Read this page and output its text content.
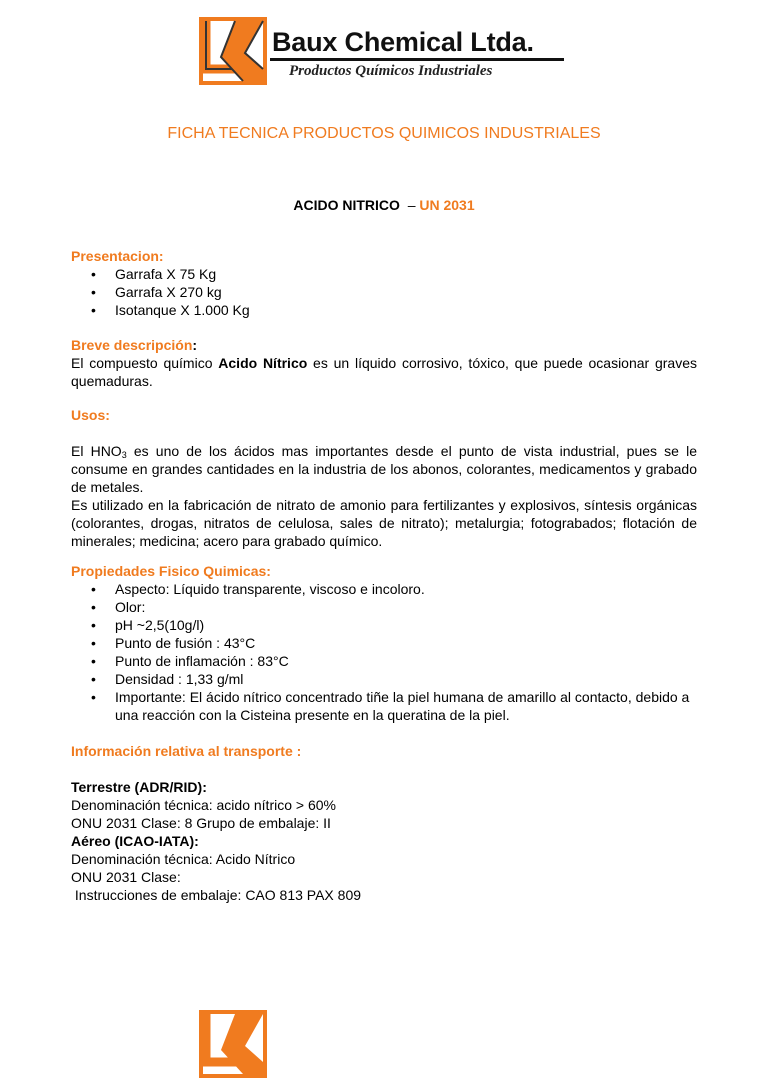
Baux Chemical Ltda.
Productos Químicos Industriales
FICHA TECNICA PRODUCTOS QUIMICOS INDUSTRIALES
ACIDO NITRICO – UN 2031
Presentacion:
• Garrafa X 75 Kg
• Garrafa X 270 kg
• Isotanque X 1.000 Kg
Breve descripción:

El compuesto químico Acido Nítrico es un líquido corrosivo, tóxico, que puede ocasionar graves quemaduras.

Usos:

El $HNO_3$ es uno de los ácidos mas importantes desde el punto de vista industrial, pues se le consume en grandes cantidades en la industria de los abonos, colorantes, medicamentos y grabado de metales.

Es utilizado en la fabricación de nitrato de amonio para fertilizantes y explosivos, síntesis orgánicas (colorantes, drogas, nitratos de celulosa, sales de nitrato); metalurgia; fotograbados; flotación de minerales; medicina; acero para grabado químico.

Propiedades Fisico Quimicas:
• Aspecto: Líquido transparente, viscoso e incoloro.
• Olor:
• pH ~2,5(10g/l)
• Punto de fusión : 43°C
• Punto de inflamación : 83°C
• Densidad : 1,33 g/ml
• Importante: El ácido nítrico concentrado tiñe la piel humana de amarillo al contacto, debido a una reacción con la Cisteina presente en la queratina de la piel.
Información relativa al transporte :
Terrestre (ADR/RID):
Denominación técnica: acido nítrico > 60%
ONU 2031 Clase: 8 Grupo de embalaje: II
Aéreo (ICAO-IATA):
Denominación técnica: Acido Nítrico
ONU 2031 Clase:
Instrucciones de embalaje: CAO 813 PAX 809
